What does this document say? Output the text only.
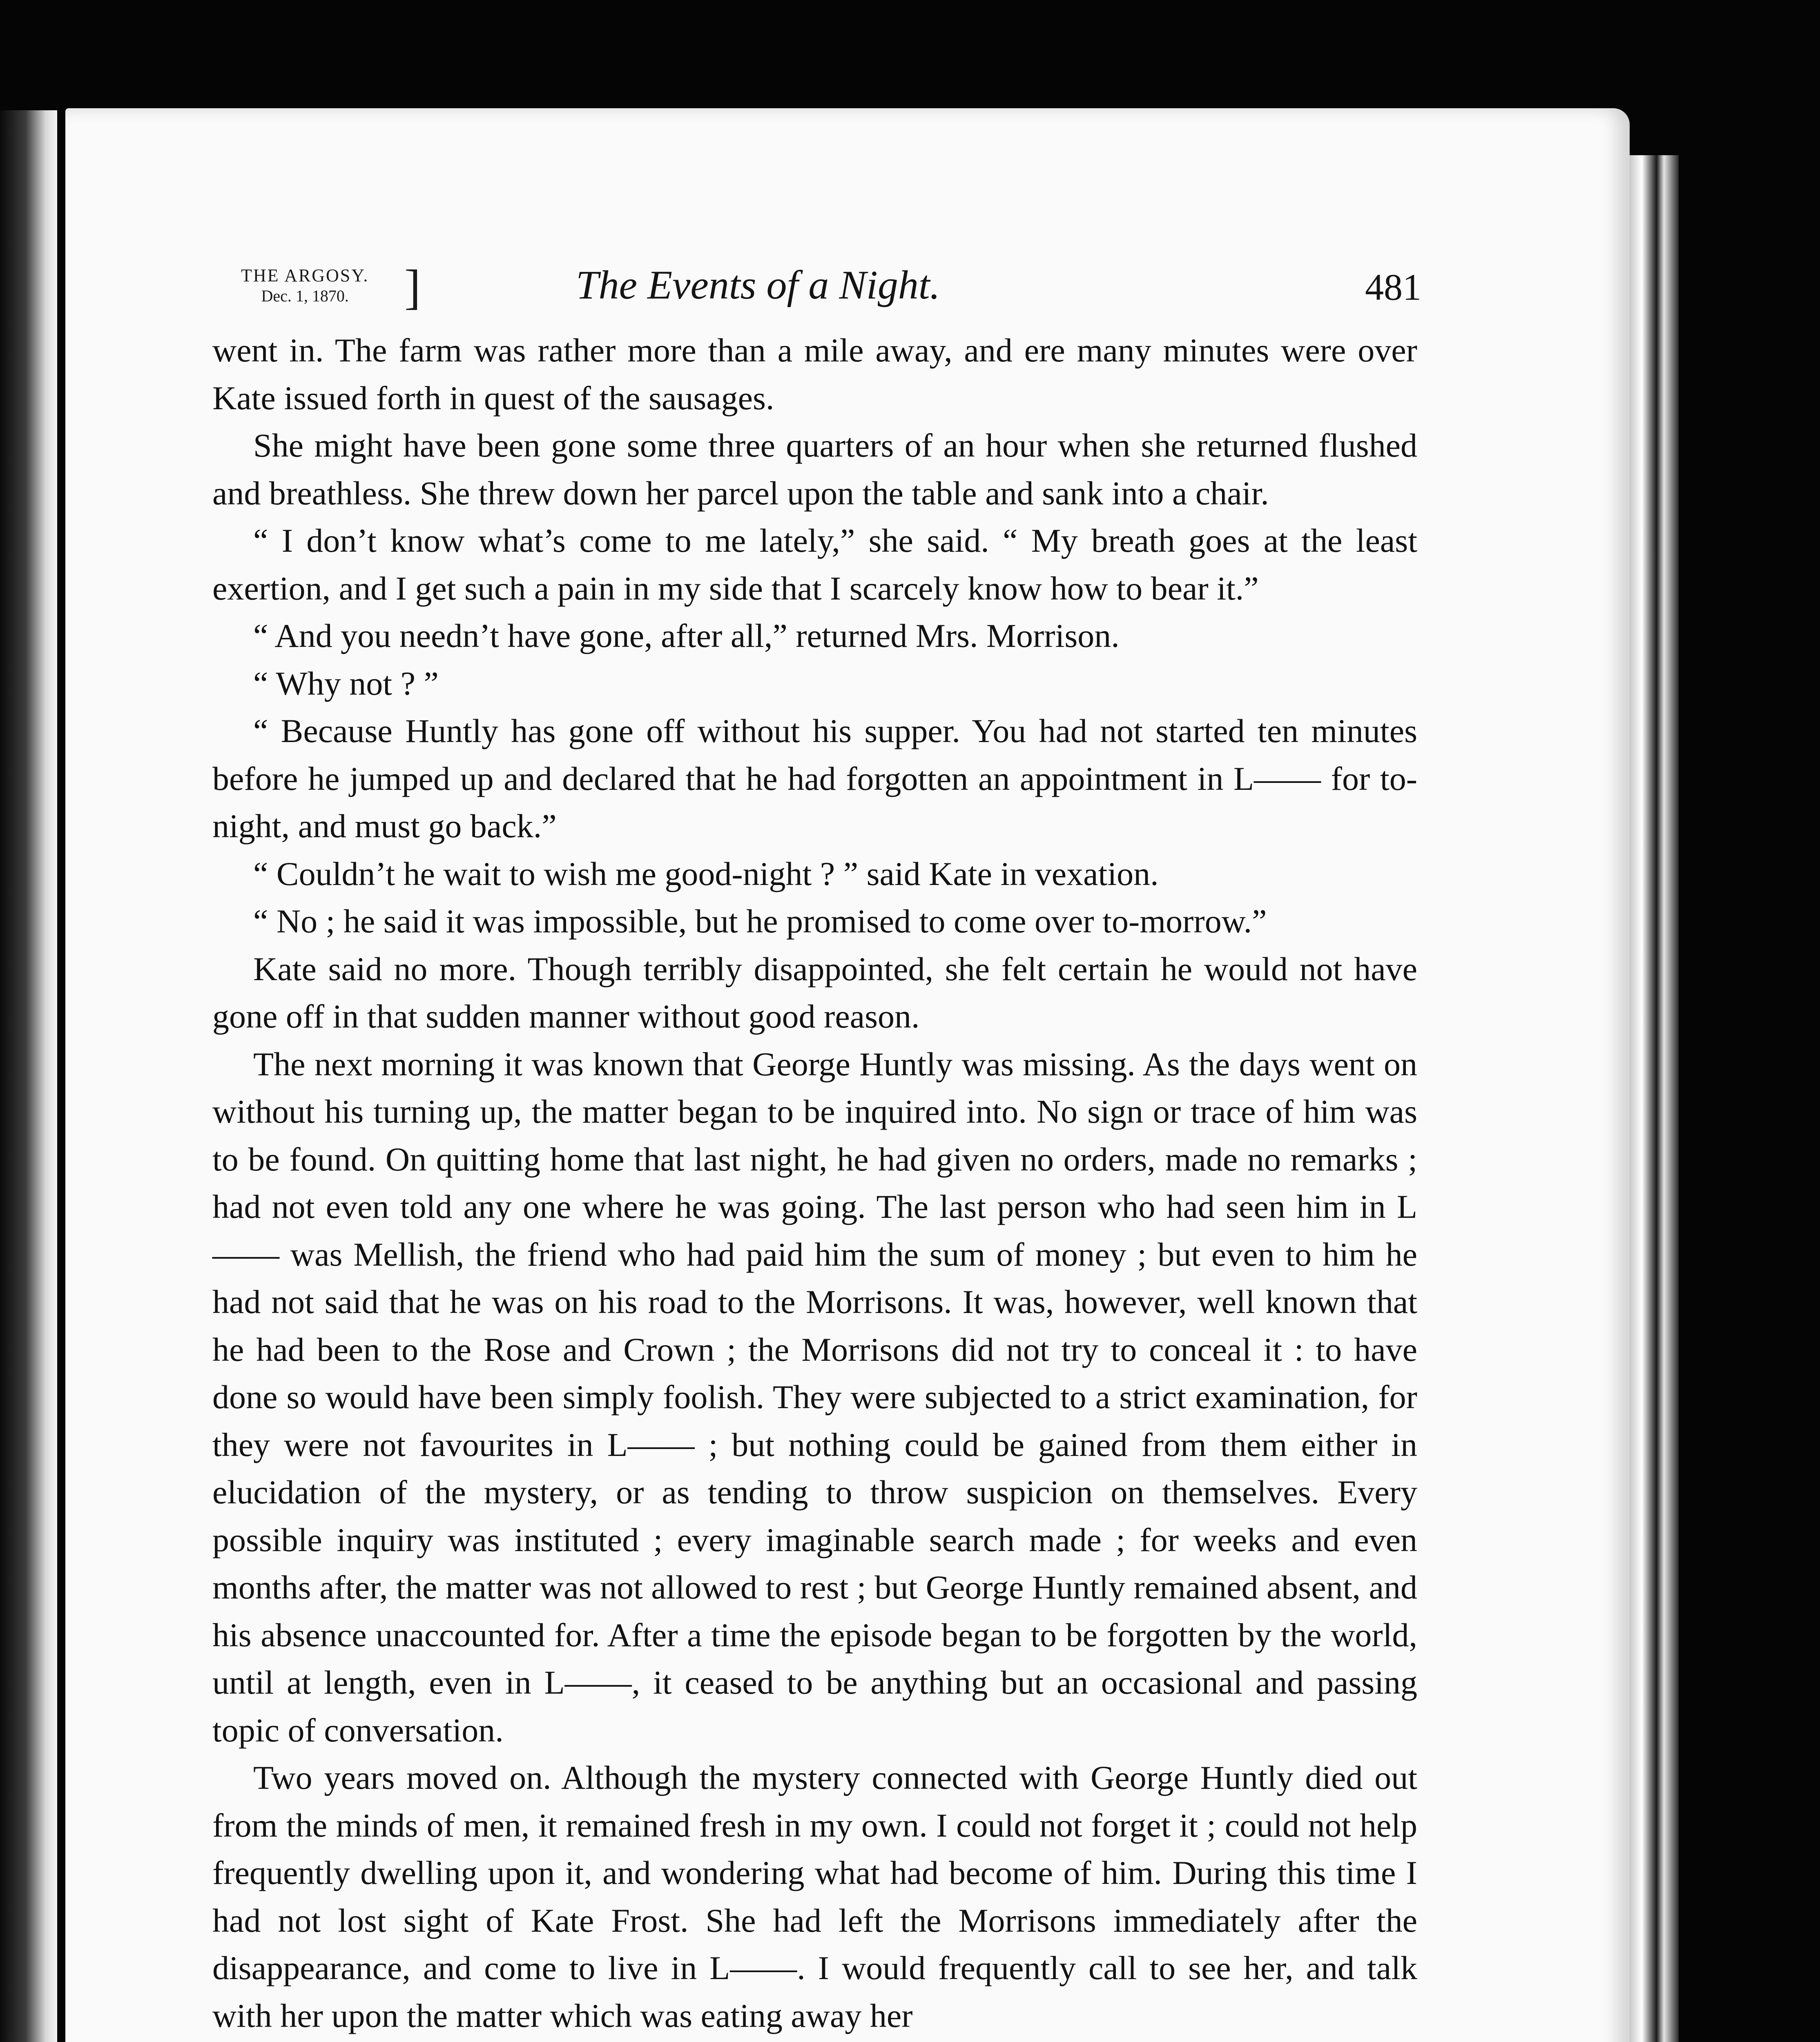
THE ARGOSY.
Dec. 1, 1870.	]	The Events of a Night.	481

went in. The farm was rather more than a mile away, and ere many minutes were over Kate issued forth in quest of the sausages.

She might have been gone some three quarters of an hour when she returned flushed and breathless. She threw down her parcel upon the table and sank into a chair.

“ I don’t know what’s come to me lately,” she said. “ My breath goes at the least exertion, and I get such a pain in my side that I scarcely know how to bear it.”

“ And you needn’t have gone, after all,” returned Mrs. Morrison.

“ Why not ? ”

“ Because Huntly has gone off without his supper. You had not started ten minutes before he jumped up and declared that he had forgotten an appointment in L—— for to-night, and must go back.”

“ Couldn’t he wait to wish me good-night ? ” said Kate in vexation.

“ No ; he said it was impossible, but he promised to come over to-morrow.”

Kate said no more. Though terribly disappointed, she felt certain he would not have gone off in that sudden manner without good reason.

The next morning it was known that George Huntly was missing. As the days went on without his turning up, the matter began to be inquired into. No sign or trace of him was to be found. On quitting home that last night, he had given no orders, made no remarks ; had not even told any one where he was going. The last person who had seen him in L—— was Mellish, the friend who had paid him the sum of money ; but even to him he had not said that he was on his road to the Morrisons. It was, however, well known that he had been to the Rose and Crown ; the Morrisons did not try to conceal it : to have done so would have been simply foolish. They were subjected to a strict examination, for they were not favourites in L—— ; but nothing could be gained from them either in elucidation of the mystery, or as tending to throw suspicion on themselves. Every possible inquiry was instituted ; every imaginable search made ; for weeks and even months after, the matter was not allowed to rest ; but George Huntly remained absent, and his absence unaccounted for. After a time the episode began to be forgotten by the world, until at length, even in L——, it ceased to be anything but an occasional and passing topic of conversation.

Two years moved on. Although the mystery connected with George Huntly died out from the minds of men, it remained fresh in my own. I could not forget it ; could not help frequently dwelling upon it, and wondering what had become of him. During this time I had not lost sight of Kate Frost. She had left the Morrisons immediately after the disappearance, and come to live in L——. I would frequently call to see her, and talk with her upon the matter which was eating away her
